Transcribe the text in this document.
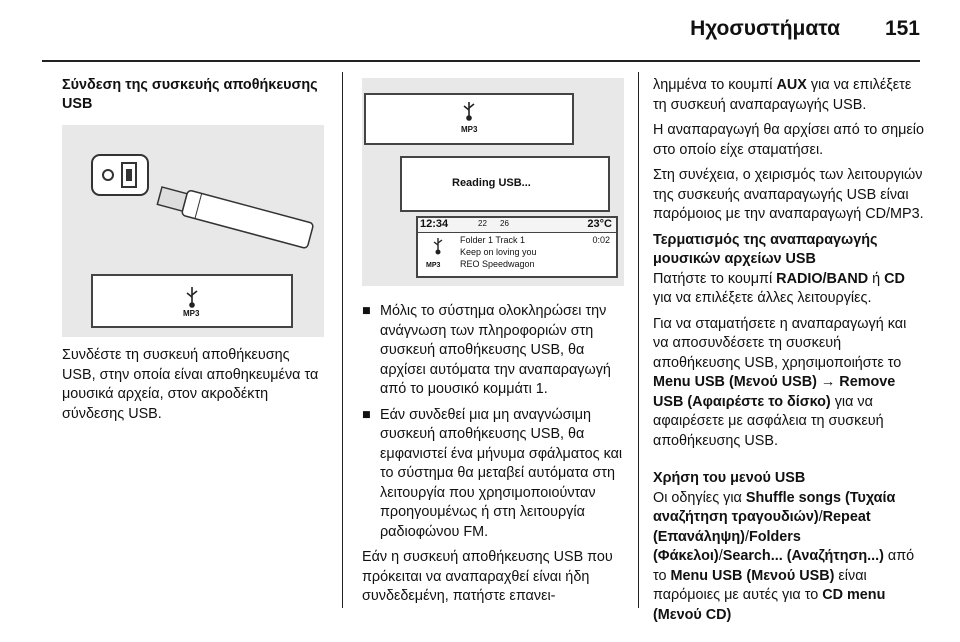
Ηχοσυστήματα 151
Σύνδεση της συσκευής αποθήκευσης USB
MP3
Συνδέστε τη συσκευή αποθήκευσης USB, στην οποία είναι αποθηκευμένα τα μουσικά αρχεία, στον ακροδέκτη σύνδεσης USB.
MP3
Reading USB...
12:34	22 26	23°C
Folder 1 Track 1	0:02
Keep on loving you
REO Speedwagon
MP3
■ Μόλις το σύστημα ολοκληρώσει την ανάγνωση των πληροφοριών στη συσκευή αποθήκευσης USB, θα αρχίσει αυτόματα την αναπαραγωγή από το μουσικό κομμάτι 1.
■ Εάν συνδεθεί μια μη αναγνώσιμη συσκευή αποθήκευσης USB, θα εμφανιστεί ένα μήνυμα σφάλματος και το σύστημα θα μεταβεί αυτόματα στη λειτουργία που χρησιμοποιούνταν προηγουμένως ή στη λειτουργία ραδιοφώνου FM.

Εάν η συσκευή αποθήκευσης USB που πρόκειται να αναπαραχθεί είναι ήδη συνδεδεμένη, πατήστε επανει-

λημμένα το κουμπί AUX για να επιλέξετε τη συσκευή αναπαραγωγής USB.

Η αναπαραγωγή θα αρχίσει από το σημείο στο οποίο είχε σταματήσει.

Στη συνέχεια, ο χειρισμός των λειτουργιών της συσκευής αναπαραγωγής USB είναι παρόμοιος με την αναπαραγωγή CD/MP3.

Τερματισμός της αναπαραγωγής μουσικών αρχείων USB

Πατήστε το κουμπί RADIO/BAND ή CD για να επιλέξετε άλλες λειτουργίες.

Για να σταματήσετε η αναπαραγωγή και να αποσυνδέσετε τη συσκευή αποθήκευσης USB, χρησιμοποιήστε το Menu USB (Μενού USB) → Remove USB (Αφαιρέστε το δίσκο) για να αφαιρέσετε με ασφάλεια τη συσκευή αποθήκευσης USB.

Χρήση του μενού USB

Οι οδηγίες για Shuffle songs (Τυχαία αναζήτηση τραγουδιών)/Repeat (Επανάληψη)/Folders (Φάκελοι)/Search... (Αναζήτηση...) από το Menu USB (Μενού USB) είναι παρόμοιες με αυτές για το CD menu (Μενού CD)
